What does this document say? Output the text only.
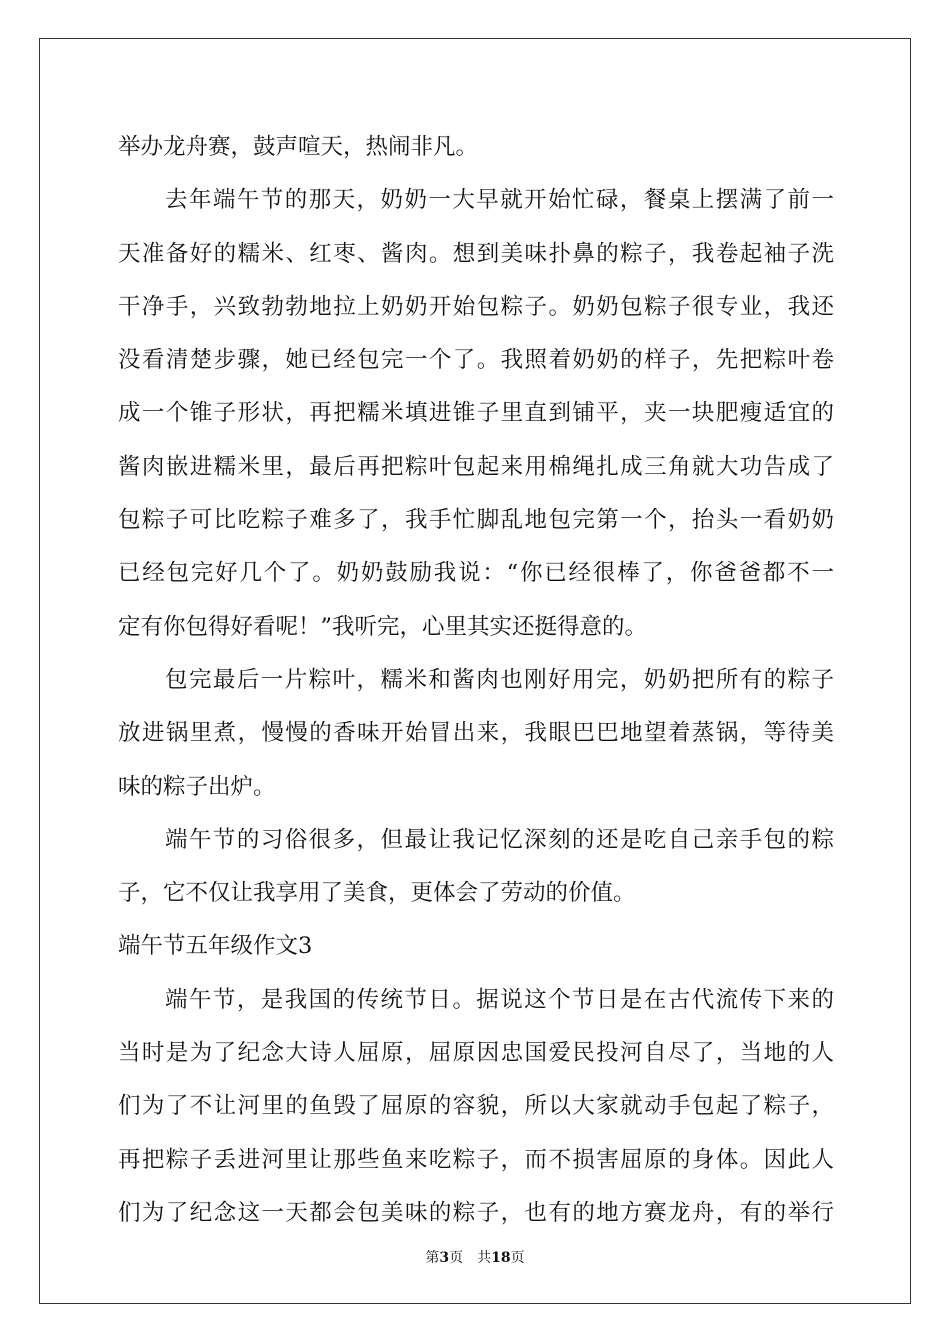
举办龙舟赛，鼓声喧天，热闹非凡。
去年端午节的那天，奶奶一大早就开始忙碌，餐桌上摆满了前一
天准备好的糯米、红枣、酱肉。想到美味扑鼻的粽子，我卷起袖子洗
干净手，兴致勃勃地拉上奶奶开始包粽子。奶奶包粽子很专业，我还
没看清楚步骤，她已经包完一个了。我照着奶奶的样子，先把粽叶卷
成一个锥子形状，再把糯米填进锥子里直到铺平，夹一块肥瘦适宜的
酱肉嵌进糯米里，最后再把粽叶包起来用棉绳扎成三角就大功告成了
包粽子可比吃粽子难多了，我手忙脚乱地包完第一个，抬头一看奶奶
已经包完好几个了。奶奶鼓励我说：“你已经很棒了，你爸爸都不一
定有你包得好看呢！”我听完，心里其实还挺得意的。
包完最后一片粽叶，糯米和酱肉也刚好用完，奶奶把所有的粽子
放进锅里煮，慢慢的香味开始冒出来，我眼巴巴地望着蒸锅，等待美
味的粽子出炉。
端午节的习俗很多，但最让我记忆深刻的还是吃自己亲手包的粽
子，它不仅让我享用了美食，更体会了劳动的价值。
端午节五年级作文3
端午节，是我国的传统节日。据说这个节日是在古代流传下来的
当时是为了纪念大诗人屈原，屈原因忠国爱民投河自尽了，当地的人
们为了不让河里的鱼毁了屈原的容貌，所以大家就动手包起了粽子，
再把粽子丢进河里让那些鱼来吃粽子，而不损害屈原的身体。因此人
们为了纪念这一天都会包美味的粽子，也有的地方赛龙舟，有的举行
第3页 共18页
